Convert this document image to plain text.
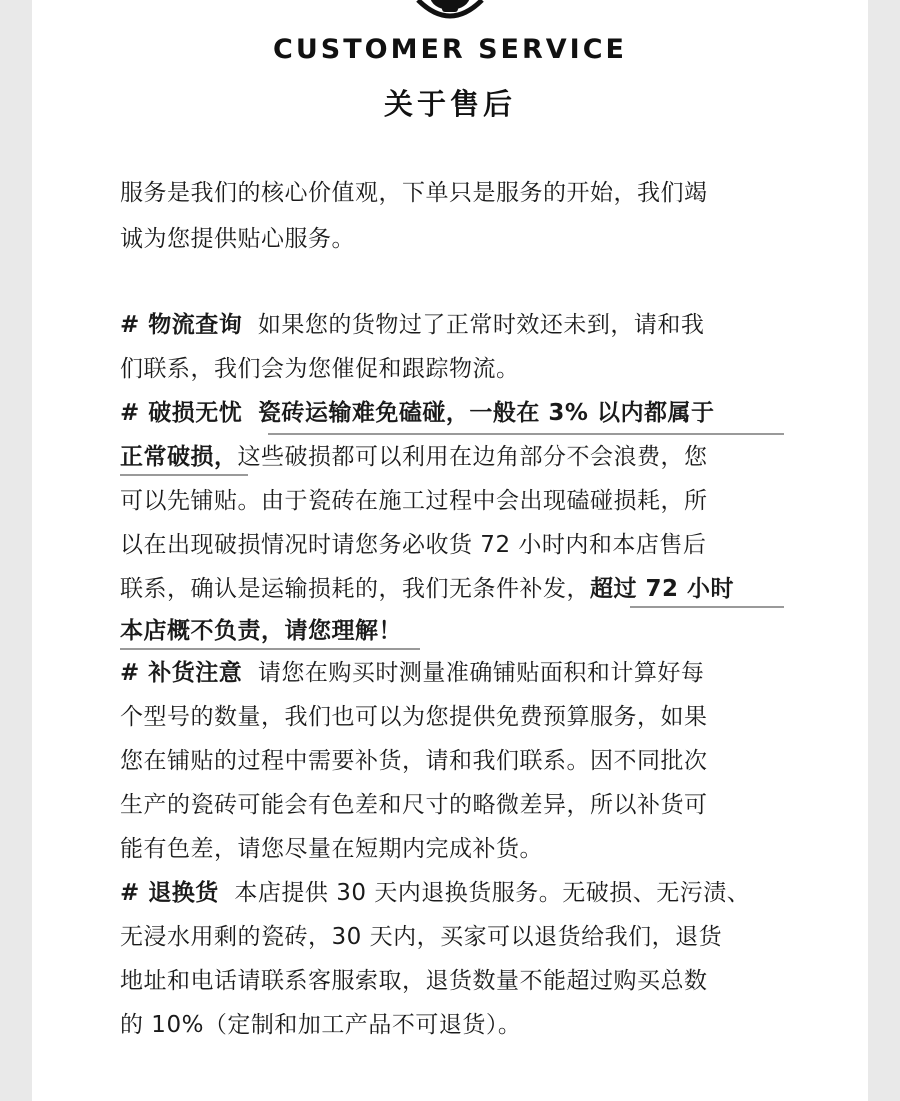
CUSTOMER SERVICE
关于售后
服务是我们的核心价值观，下单只是服务的开始，我们竭
诚为您提供贴心服务。
# 物流查询 如果您的货物过了正常时效还未到，请和我
们联系，我们会为您催促和跟踪物流。
# 破损无忧 瓷砖运输难免磕碰，一般在 3% 以内都属于
正常破损，这些破损都可以利用在边角部分不会浪费，您
可以先铺贴。由于瓷砖在施工过程中会出现磕碰损耗，所
以在出现破损情况时请您务必收货 72 小时内和本店售后
联系，确认是运输损耗的，我们无条件补发，超过 72 小时
本店概不负责，请您理解！
# 补货注意 请您在购买时测量准确铺贴面积和计算好每
个型号的数量，我们也可以为您提供免费预算服务，如果
您在铺贴的过程中需要补货，请和我们联系。因不同批次
生产的瓷砖可能会有色差和尺寸的略微差异，所以补货可
能有色差，请您尽量在短期内完成补货。
# 退换货 本店提供 30 天内退换货服务。无破损、无污渍、
无浸水用剩的瓷砖，30 天内，买家可以退货给我们，退货
地址和电话请联系客服索取，退货数量不能超过购买总数
的 10%（定制和加工产品不可退货）。
